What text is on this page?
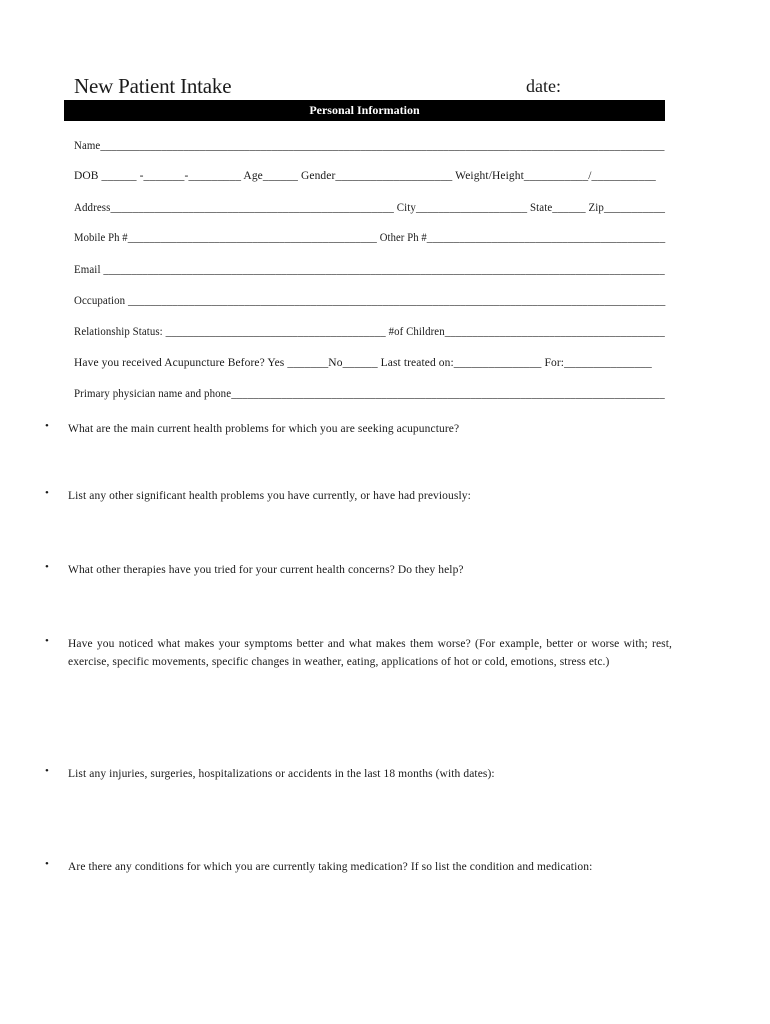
New Patient Intake	date:
Personal Information
Name______________________________________________________________________________________________________
DOB ______ -_______-_________ Age______ Gender____________________ Weight/Height___________/___________
Address___________________________________________________ City____________________ State______ Zip___________
Mobile Ph #______________________________________________ Other Ph #____________________________________________
Email _____________________________________________________________________________________________________
Occupation _________________________________________________________________________________________________
Relationship Status: ________________________________________ #of Children________________________________________
Have you received Acupuncture Before? Yes _______No______ Last treated on:_______________ For:_______________
Primary physician name and phone______________________________________________________________________________
• What are the main current health problems for which you are seeking acupuncture?
• List any other significant health problems you have currently, or have had previously:
• What other therapies have you tried for your current health concerns? Do they help?
• Have you noticed what makes your symptoms better and what makes them worse? (For example, better or worse with; rest, exercise, specific movements, specific changes in weather, eating, applications of hot or cold, emotions, stress etc.)
• List any injuries, surgeries, hospitalizations or accidents in the last 18 months (with dates):
• Are there any conditions for which you are currently taking medication? If so list the condition and medication:
